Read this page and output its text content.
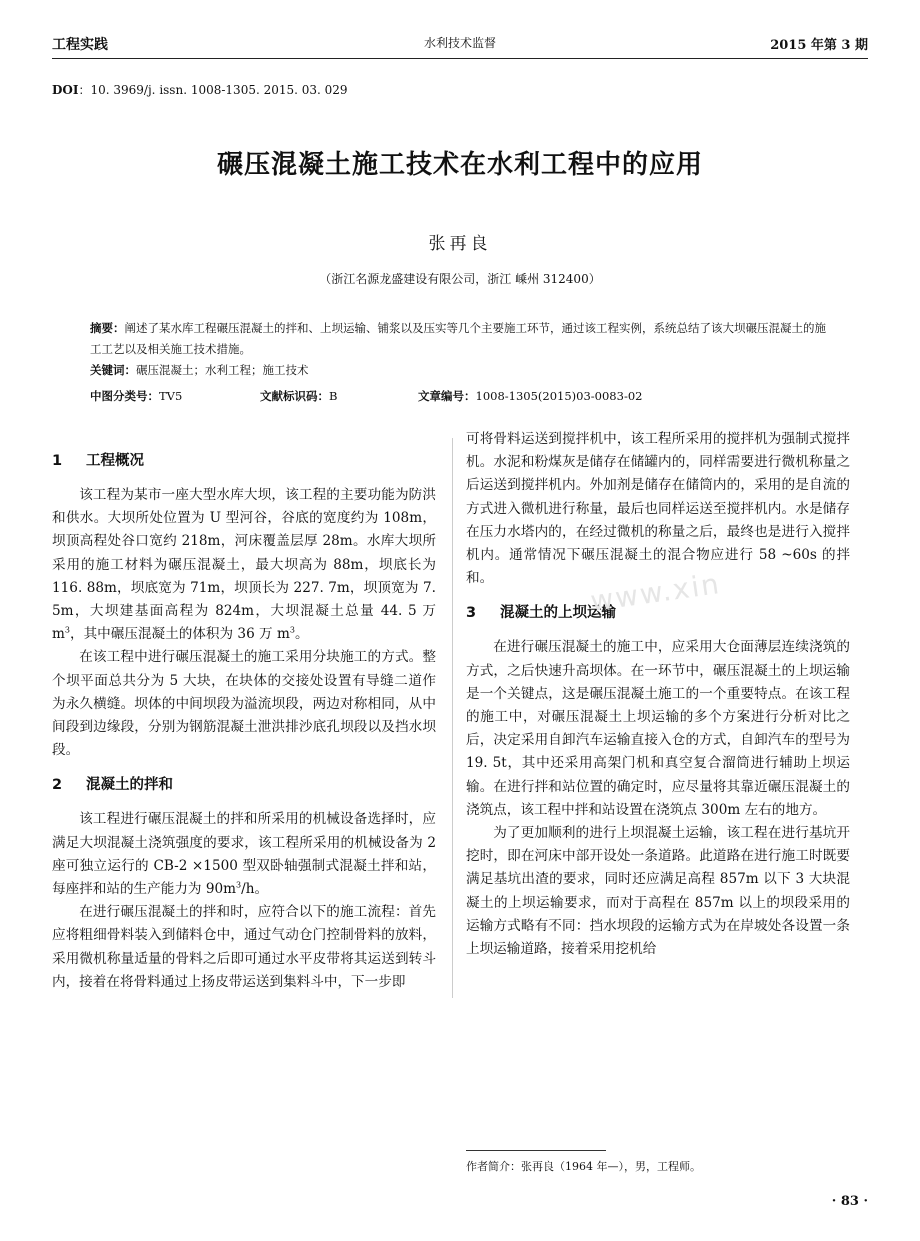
工程实践	水利技术监督	2015 年第 3 期
DOI：10. 3969/j. issn. 1008-1305. 2015. 03. 029
碾压混凝土施工技术在水利工程中的应用
张再良
（浙江名源龙盛建设有限公司，浙江 嵊州 312400）
摘要：阐述了某水库工程碾压混凝土的拌和、上坝运输、铺浆以及压实等几个主要施工环节，通过该工程实例，系统总结了该大坝碾压混凝土的施工工艺以及相关施工技术措施。
关键词：碾压混凝土；水利工程；施工技术
中图分类号：TV5	文献标识码：B	文章编号：1008-1305(2015)03-0083-02
1 工程概况

该工程为某市一座大型水库大坝，该工程的主要功能为防洪和供水。大坝所处位置为 U 型河谷，谷底的宽度约为 108m，坝顶高程处谷口宽约 218m，河床覆盖层厚 28m。水库大坝所采用的施工材料为碾压混凝土，最大坝高为 88m，坝底长为 116. 88m，坝底宽为 71m，坝顶长为 227. 7m，坝顶宽为 7. 5m，大坝建基面高程为 824m，大坝混凝土总量 44. 5 万 $m^3$，其中碾压混凝土的体积为 36 万 $m^3$。

在该工程中进行碾压混凝土的施工采用分块施工的方式。整个坝平面总共分为 5 大块，在块体的交接处设置有导缝二道作为永久横缝。坝体的中间坝段为溢流坝段，两边对称相同，从中间段到边缘段，分别为钢筋混凝土泄洪排沙底孔坝段以及挡水坝段。

2 混凝土的拌和

该工程进行碾压混凝土的拌和所采用的机械设备选择时，应满足大坝混凝土浇筑强度的要求，该工程所采用的机械设备为 2 座可独立运行的 CB-2 ×1500 型双卧轴强制式混凝土拌和站，每座拌和站的生产能力为 $90m^3/h$。

在进行碾压混凝土的拌和时，应符合以下的施工流程：首先应将粗细骨料装入到储料仓中，通过气动仓门控制骨料的放料，采用微机称量适量的骨料之后即可通过水平皮带将其运送到转斗内，接着在将骨料通过上扬皮带运送到集料斗中，下一步即

可将骨料运送到搅拌机中，该工程所采用的搅拌机为强制式搅拌机。水泥和粉煤灰是储存在储罐内的，同样需要进行微机称量之后运送到搅拌机内。外加剂是储存在储筒内的，采用的是自流的方式进入微机进行称量，最后也同样运送至搅拌机内。水是储存在压力水塔内的，在经过微机的称量之后，最终也是进行入搅拌机内。通常情况下碾压混凝土的混合物应进行 58 ~60s 的拌和。

3 混凝土的上坝运输

在进行碾压混凝土的施工中，应采用大仓面薄层连续浇筑的方式，之后快速升高坝体。在一环节中，碾压混凝土的上坝运输是一个关键点，这是碾压混凝土施工的一个重要特点。在该工程的施工中，对碾压混凝土上坝运输的多个方案进行分析对比之后，决定采用自卸汽车运输直接入仓的方式，自卸汽车的型号为 19. 5t，其中还采用高架门机和真空复合溜筒进行辅助上坝运输。在进行拌和站位置的确定时，应尽量将其靠近碾压混凝土的浇筑点，该工程中拌和站设置在浇筑点 300m 左右的地方。

为了更加顺利的进行上坝混凝土运输，该工程在进行基坑开挖时，即在河床中部开设处一条道路。此道路在进行施工时既要满足基坑出渣的要求，同时还应满足高程 857m 以下 3 大块混凝土的上坝运输要求，而对于高程在 857m 以上的坝段采用的运输方式略有不同：挡水坝段的运输方式为在岸坡处各设置一条上坝运输道路，接着采用挖机给

www.xin
作者简介：张再良（1964 年—），男，工程师。
· 83 ·
